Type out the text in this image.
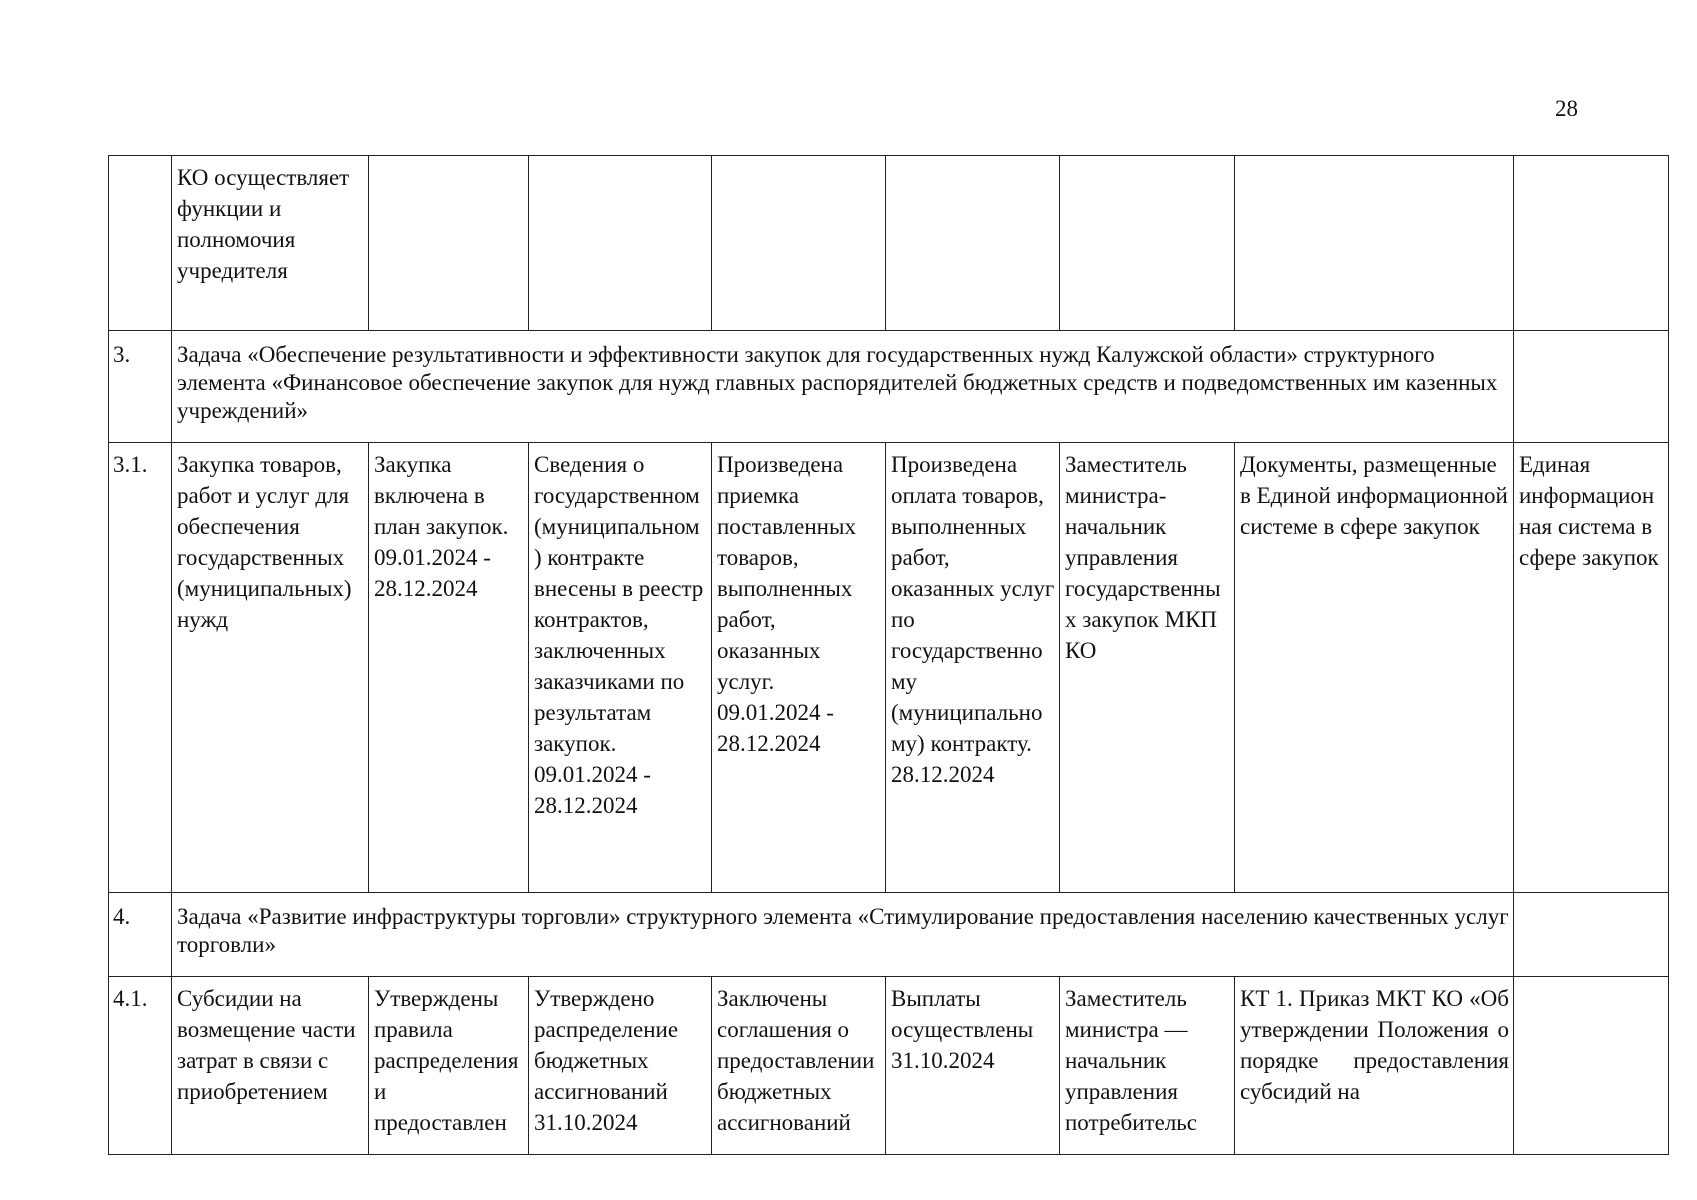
28
	КО осуществляет функции и полномочия учредителя							
3.	Задача «Обеспечение результативности и эффективности закупок для государственных нужд Калужской области» структурного элемента «Финансовое обеспечение закупок для нужд главных распорядителей бюджетных средств и подведомственных им казенных учреждений»							
3.1.	Закупка товаров, работ и услуг для обеспечения государственных (муниципальных) нужд	Закупка включена в план закупок. 09.01.2024 - 28.12.2024	Сведения о государственном (муниципальном) контракте внесены в реестр контрактов, заключенных заказчиками по результатам закупок. 09.01.2024 - 28.12.2024	Произведена приемка поставленных товаров, выполненных работ, оказанных услуг. 09.01.2024 - 28.12.2024	Произведена оплата товаров, выполненных работ, оказанных услуг по государственному (муниципальному) контракту. 28.12.2024	Заместитель министра-начальник управления государственных закупок МКП КО	Документы, размещенные в Единой информационной системе в сфере закупок	Единая информационная система в сфере закупок
4.	Задача «Развитие инфраструктуры торговли» структурного элемента «Стимулирование предоставления населению качественных услуг торговли»							
4.1.	Субсидии на возмещение части затрат в связи с приобретением	Утверждены правила распределения и предоставлен	Утверждено распределение бюджетных ассигнований 31.10.2024	Заключены соглашения о предоставлении бюджетных ассигнований	Выплаты осуществлены 31.10.2024	Заместитель министра — начальник управления потребительс	КТ 1. Приказ МКТ КО «Об утверждении Положения о порядке предоставления субсидий на	
